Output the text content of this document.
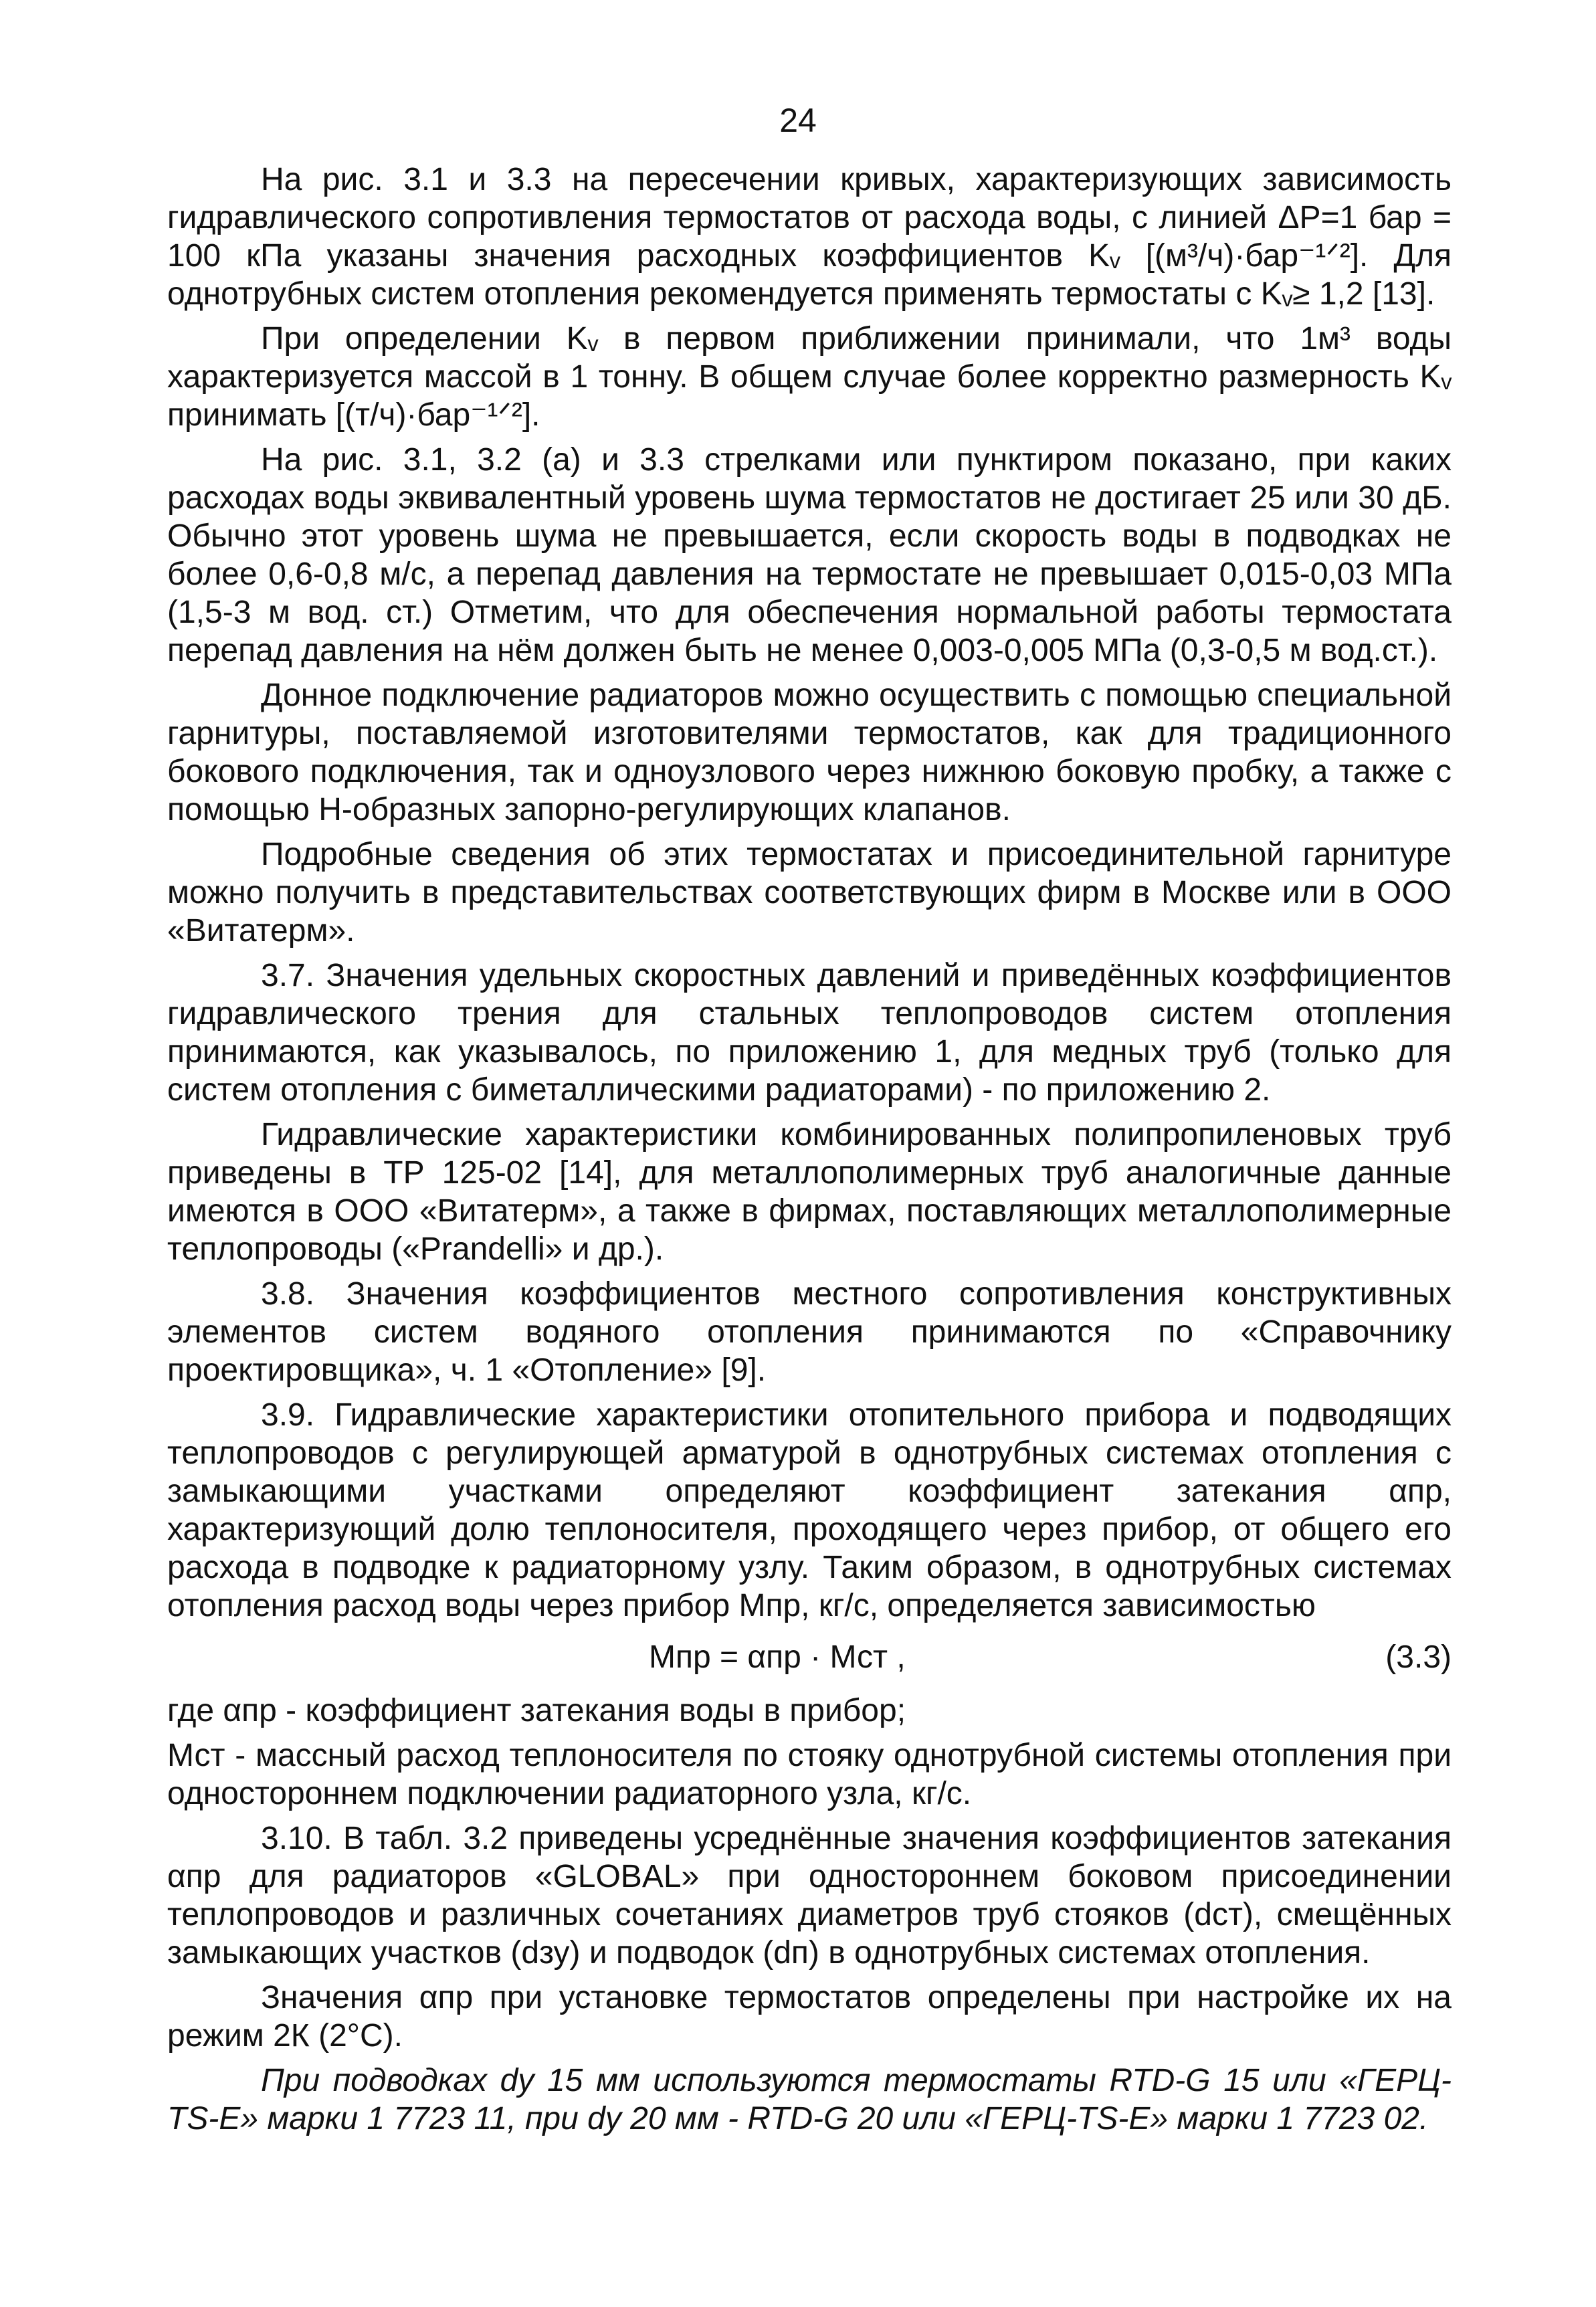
24

На рис. 3.1 и 3.3 на пересечении кривых, характеризующих зависимость гидравлического сопротивления термостатов от расхода воды, с линией ΔР=1 бар = 100 кПа указаны значения расходных коэффициентов Kᵥ [(м³/ч)·бар⁻¹ᐟ²]. Для однотрубных систем отопления рекомендуется применять термостаты с Kᵥ≥ 1,2 [13].

При определении Kᵥ в первом приближении принимали, что 1м³ воды характеризуется массой в 1 тонну. В общем случае более корректно размерность Kᵥ принимать [(т/ч)·бар⁻¹ᐟ²].

На рис. 3.1, 3.2 (а) и 3.3 стрелками или пунктиром показано, при каких расходах воды эквивалентный уровень шума термостатов не достигает 25 или 30 дБ. Обычно этот уровень шума не превышается, если скорость воды в подводках не более 0,6-0,8 м/с, а перепад давления на термостате не превышает 0,015-0,03 МПа (1,5-3 м вод. ст.) Отметим, что для обеспечения нормальной работы термостата перепад давления на нём должен быть не менее 0,003-0,005 МПа (0,3-0,5 м вод.ст.).

Донное подключение радиаторов можно осуществить с помощью специальной гарнитуры, поставляемой изготовителями термостатов, как для традиционного бокового подключения, так и одноузлового через нижнюю боковую пробку, а также с помощью Н-образных запорно-регулирующих клапанов.

Подробные сведения об этих термостатах и присоединительной гарнитуре можно получить в представительствах соответствующих фирм в Москве или в ООО «Витатерм».

3.7. Значения удельных скоростных давлений и приведённых коэффициентов гидравлического трения для стальных теплопроводов систем отопления принимаются, как указывалось, по приложению 1, для медных труб (только для систем отопления с биметаллическими радиаторами) - по приложению 2.

Гидравлические характеристики комбинированных полипропиленовых труб приведены в ТР 125-02 [14], для металлополимерных труб аналогичные данные имеются в ООО «Витатерм», а также в фирмах, поставляющих металлополимерные теплопроводы («Prandelli» и др.).

3.8. Значения коэффициентов местного сопротивления конструктивных элементов систем водяного отопления принимаются по «Справочнику проектировщика», ч. 1 «Отопление» [9].

3.9. Гидравлические характеристики отопительного прибора и подводящих теплопроводов с регулирующей арматурой в однотрубных системах отопления с замыкающими участками определяют коэффициент затекания αпр, характеризующий долю теплоносителя, проходящего через прибор, от общего его расхода в подводке к радиаторному узлу. Таким образом, в однотрубных системах отопления расход воды через прибор Мпр, кг/с, определяется зависимостью

Мпр = αпр · Мст ,	(3.3)

где αпр - коэффициент затекания воды в прибор;

Мст - массный расход теплоносителя по стояку однотрубной системы отопления при одностороннем подключении радиаторного узла, кг/с.

3.10. В табл. 3.2 приведены усреднённые значения коэффициентов затекания αпр для радиаторов «GLOBAL» при одностороннем боковом присоединении теплопроводов и различных сочетаниях диаметров труб стояков (dст), смещённых замыкающих участков (dзу) и подводок (dп) в однотрубных системах отопления.

Значения αпр при установке термостатов определены при настройке их на режим 2К (2°С).

При подводках dу 15 мм используются термостаты RTD-G 15 или «ГЕРЦ-TS-E» марки 1 7723 11, при dу 20 мм - RTD-G 20 или «ГЕРЦ-TS-E» марки 1 7723 02.
